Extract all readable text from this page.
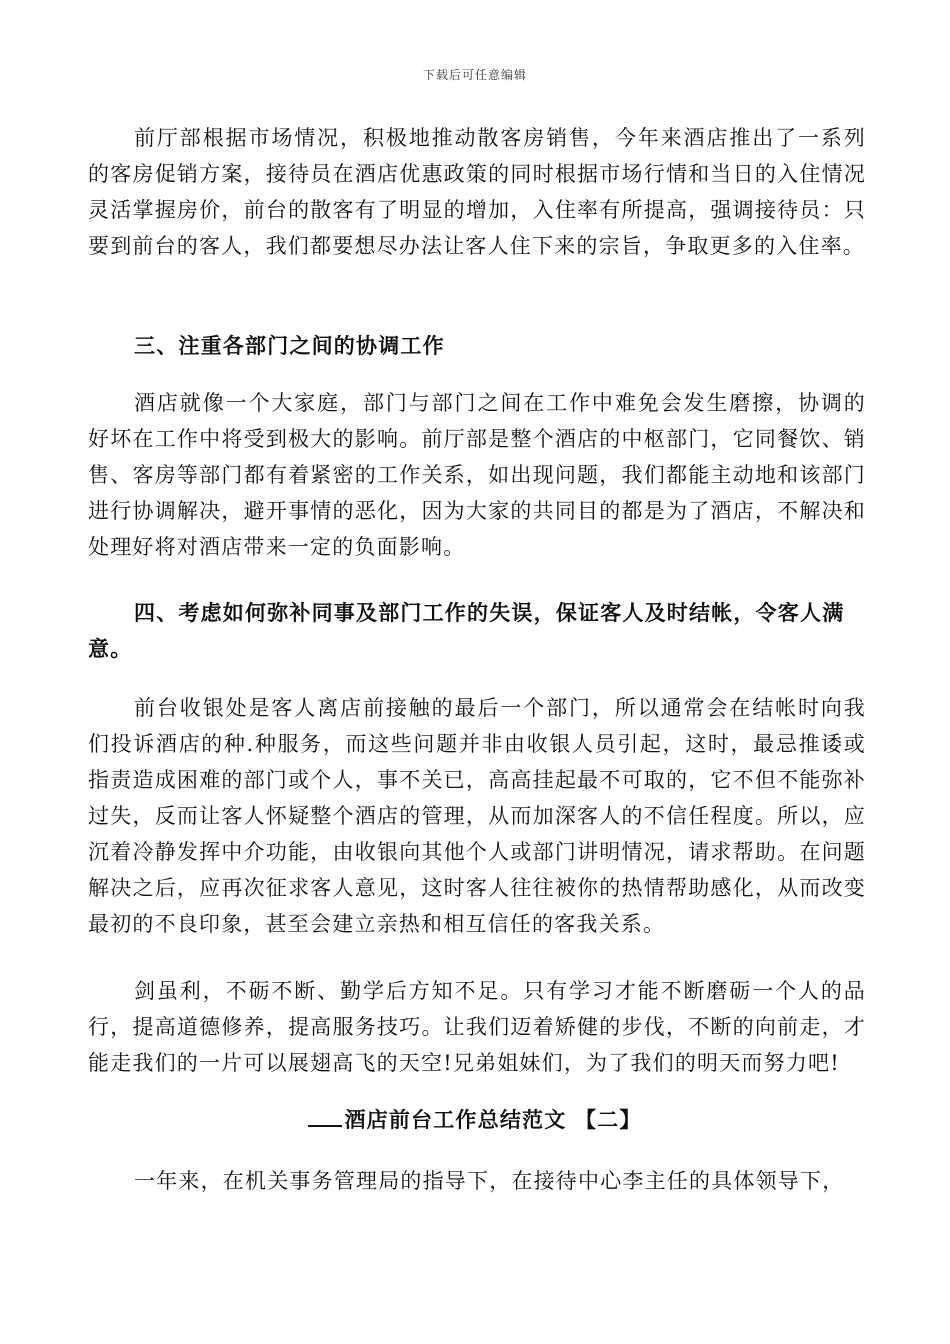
下载后可任意编辑

前厅部根据市场情况，积极地推动散客房销售，今年来酒店推出了一系列的客房促销方案，接待员在酒店优惠政策的同时根据市场行情和当日的入住情况灵活掌握房价，前台的散客有了明显的增加，入住率有所提高，强调接待员：只要到前台的客人，我们都要想尽办法让客人住下来的宗旨，争取更多的入住率。

三、注重各部门之间的协调工作

酒店就像一个大家庭，部门与部门之间在工作中难免会发生磨擦，协调的好坏在工作中将受到极大的影响。前厅部是整个酒店的中枢部门，它同餐饮、销售、客房等部门都有着紧密的工作关系，如出现问题，我们都能主动地和该部门进行协调解决，避开事情的恶化，因为大家的共同目的都是为了酒店，不解决和处理好将对酒店带来一定的负面影响。

四、考虑如何弥补同事及部门工作的失误，保证客人及时结帐，令客人满意。

前台收银处是客人离店前接触的最后一个部门，所以通常会在结帐时向我们投诉酒店的种.种服务，而这些问题并非由收银人员引起，这时，最忌推诿或指责造成困难的部门或个人，事不关已，高高挂起最不可取的，它不但不能弥补过失，反而让客人怀疑整个酒店的管理，从而加深客人的不信任程度。所以，应沉着冷静发挥中介功能，由收银向其他个人或部门讲明情况，请求帮助。在问题解决之后，应再次征求客人意见，这时客人往往被你的热情帮助感化，从而改变最初的不良印象，甚至会建立亲热和相互信任的客我关系。

剑虽利，不砺不断、勤学后方知不足。只有学习才能不断磨砺一个人的品行，提高道德修养，提高服务技巧。让我们迈着矫健的步伐，不断的向前走，才能走我们的一片可以展翅高飞的天空!兄弟姐妹们，为了我们的明天而努力吧!

酒店前台工作总结范文 【二】

一年来，在机关事务管理局的指导下，在接待中心李主任的具体领导下，
